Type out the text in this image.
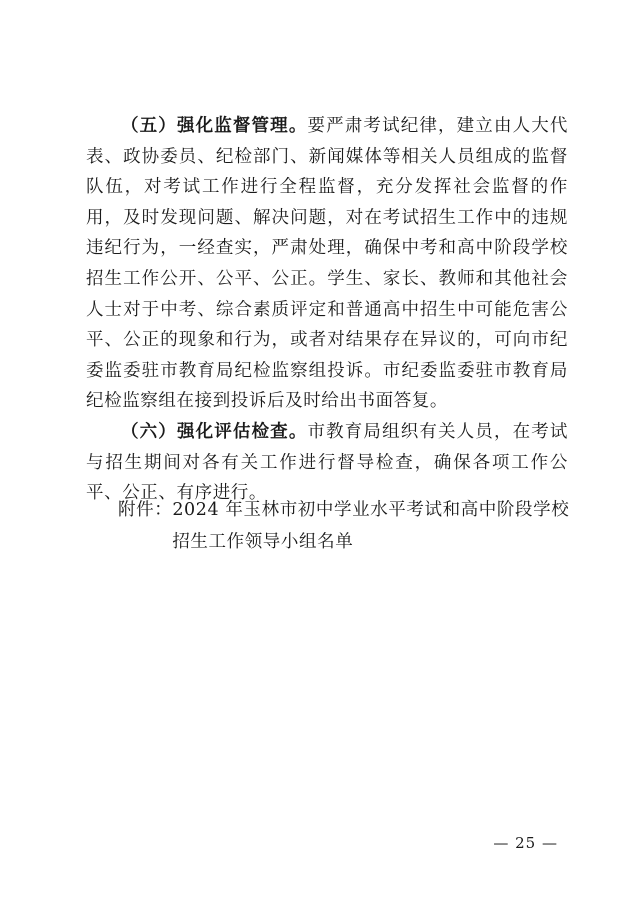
（五）强化监督管理。要严肃考试纪律，建立由人大代表、政协委员、纪检部门、新闻媒体等相关人员组成的监督队伍，对考试工作进行全程监督，充分发挥社会监督的作用，及时发现问题、解决问题，对在考试招生工作中的违规违纪行为，一经查实，严肃处理，确保中考和高中阶段学校招生工作公开、公平、公正。学生、家长、教师和其他社会人士对于中考、综合素质评定和普通高中招生中可能危害公平、公正的现象和行为，或者对结果存在异议的，可向市纪委监委驻市教育局纪检监察组投诉。市纪委监委驻市教育局纪检监察组在接到投诉后及时给出书面答复。

（六）强化评估检查。市教育局组织有关人员，在考试与招生期间对各有关工作进行督导检查，确保各项工作公平、公正、有序进行。

附件： 2024 年玉林市初中学业水平考试和高中阶段学校招生工作领导小组名单
— 25 —
